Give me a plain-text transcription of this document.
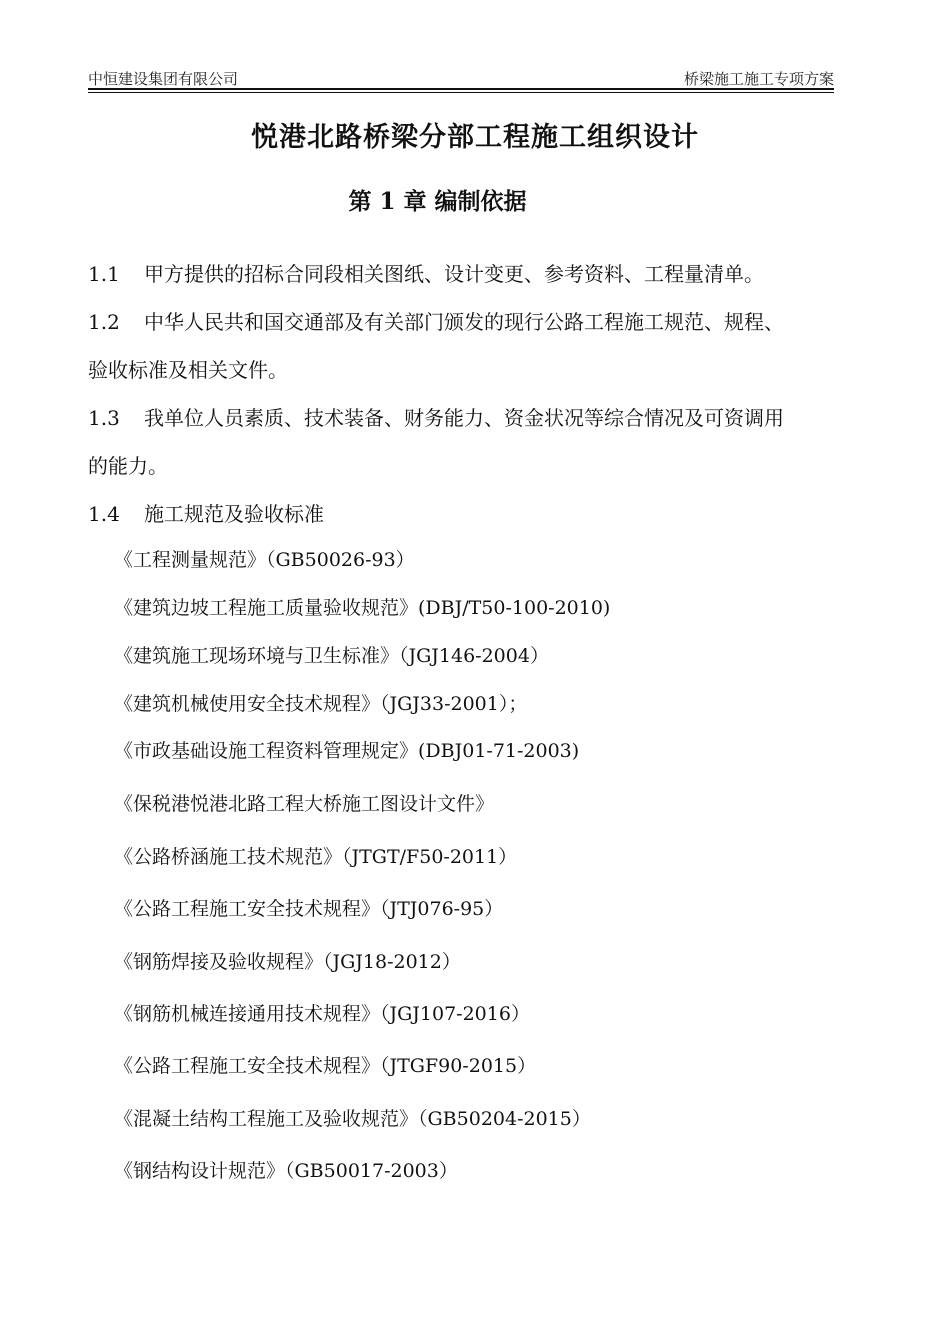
中恒建设集团有限公司	桥梁施工施工专项方案
悦港北路桥梁分部工程施工组织设计
第 1 章 编制依据
1.1 甲方提供的招标合同段相关图纸、设计变更、参考资料、工程量清单。
1.2 中华人民共和国交通部及有关部门颁发的现行公路工程施工规范、规程、
验收标准及相关文件。
1.3 我单位人员素质、技术装备、财务能力、资金状况等综合情况及可资调用
的能力。
1.4 施工规范及验收标准
《工程测量规范》（GB50026-93）
《建筑边坡工程施工质量验收规范》(DBJ/T50-100-2010)
《建筑施工现场环境与卫生标准》（JGJ146-2004）
《建筑机械使用安全技术规程》（JGJ33-2001）；
《市政基础设施工程资料管理规定》(DBJ01-71-2003)
《保税港悦港北路工程大桥施工图设计文件》
《公路桥涵施工技术规范》（JTGT/F50-2011）
《公路工程施工安全技术规程》（JTJ076-95）
《钢筋焊接及验收规程》（JGJ18-2012）
《钢筋机械连接通用技术规程》（JGJ107-2016）
《公路工程施工安全技术规程》（JTGF90-2015）
《混凝土结构工程施工及验收规范》（GB50204-2015）
《钢结构设计规范》（GB50017-2003）
